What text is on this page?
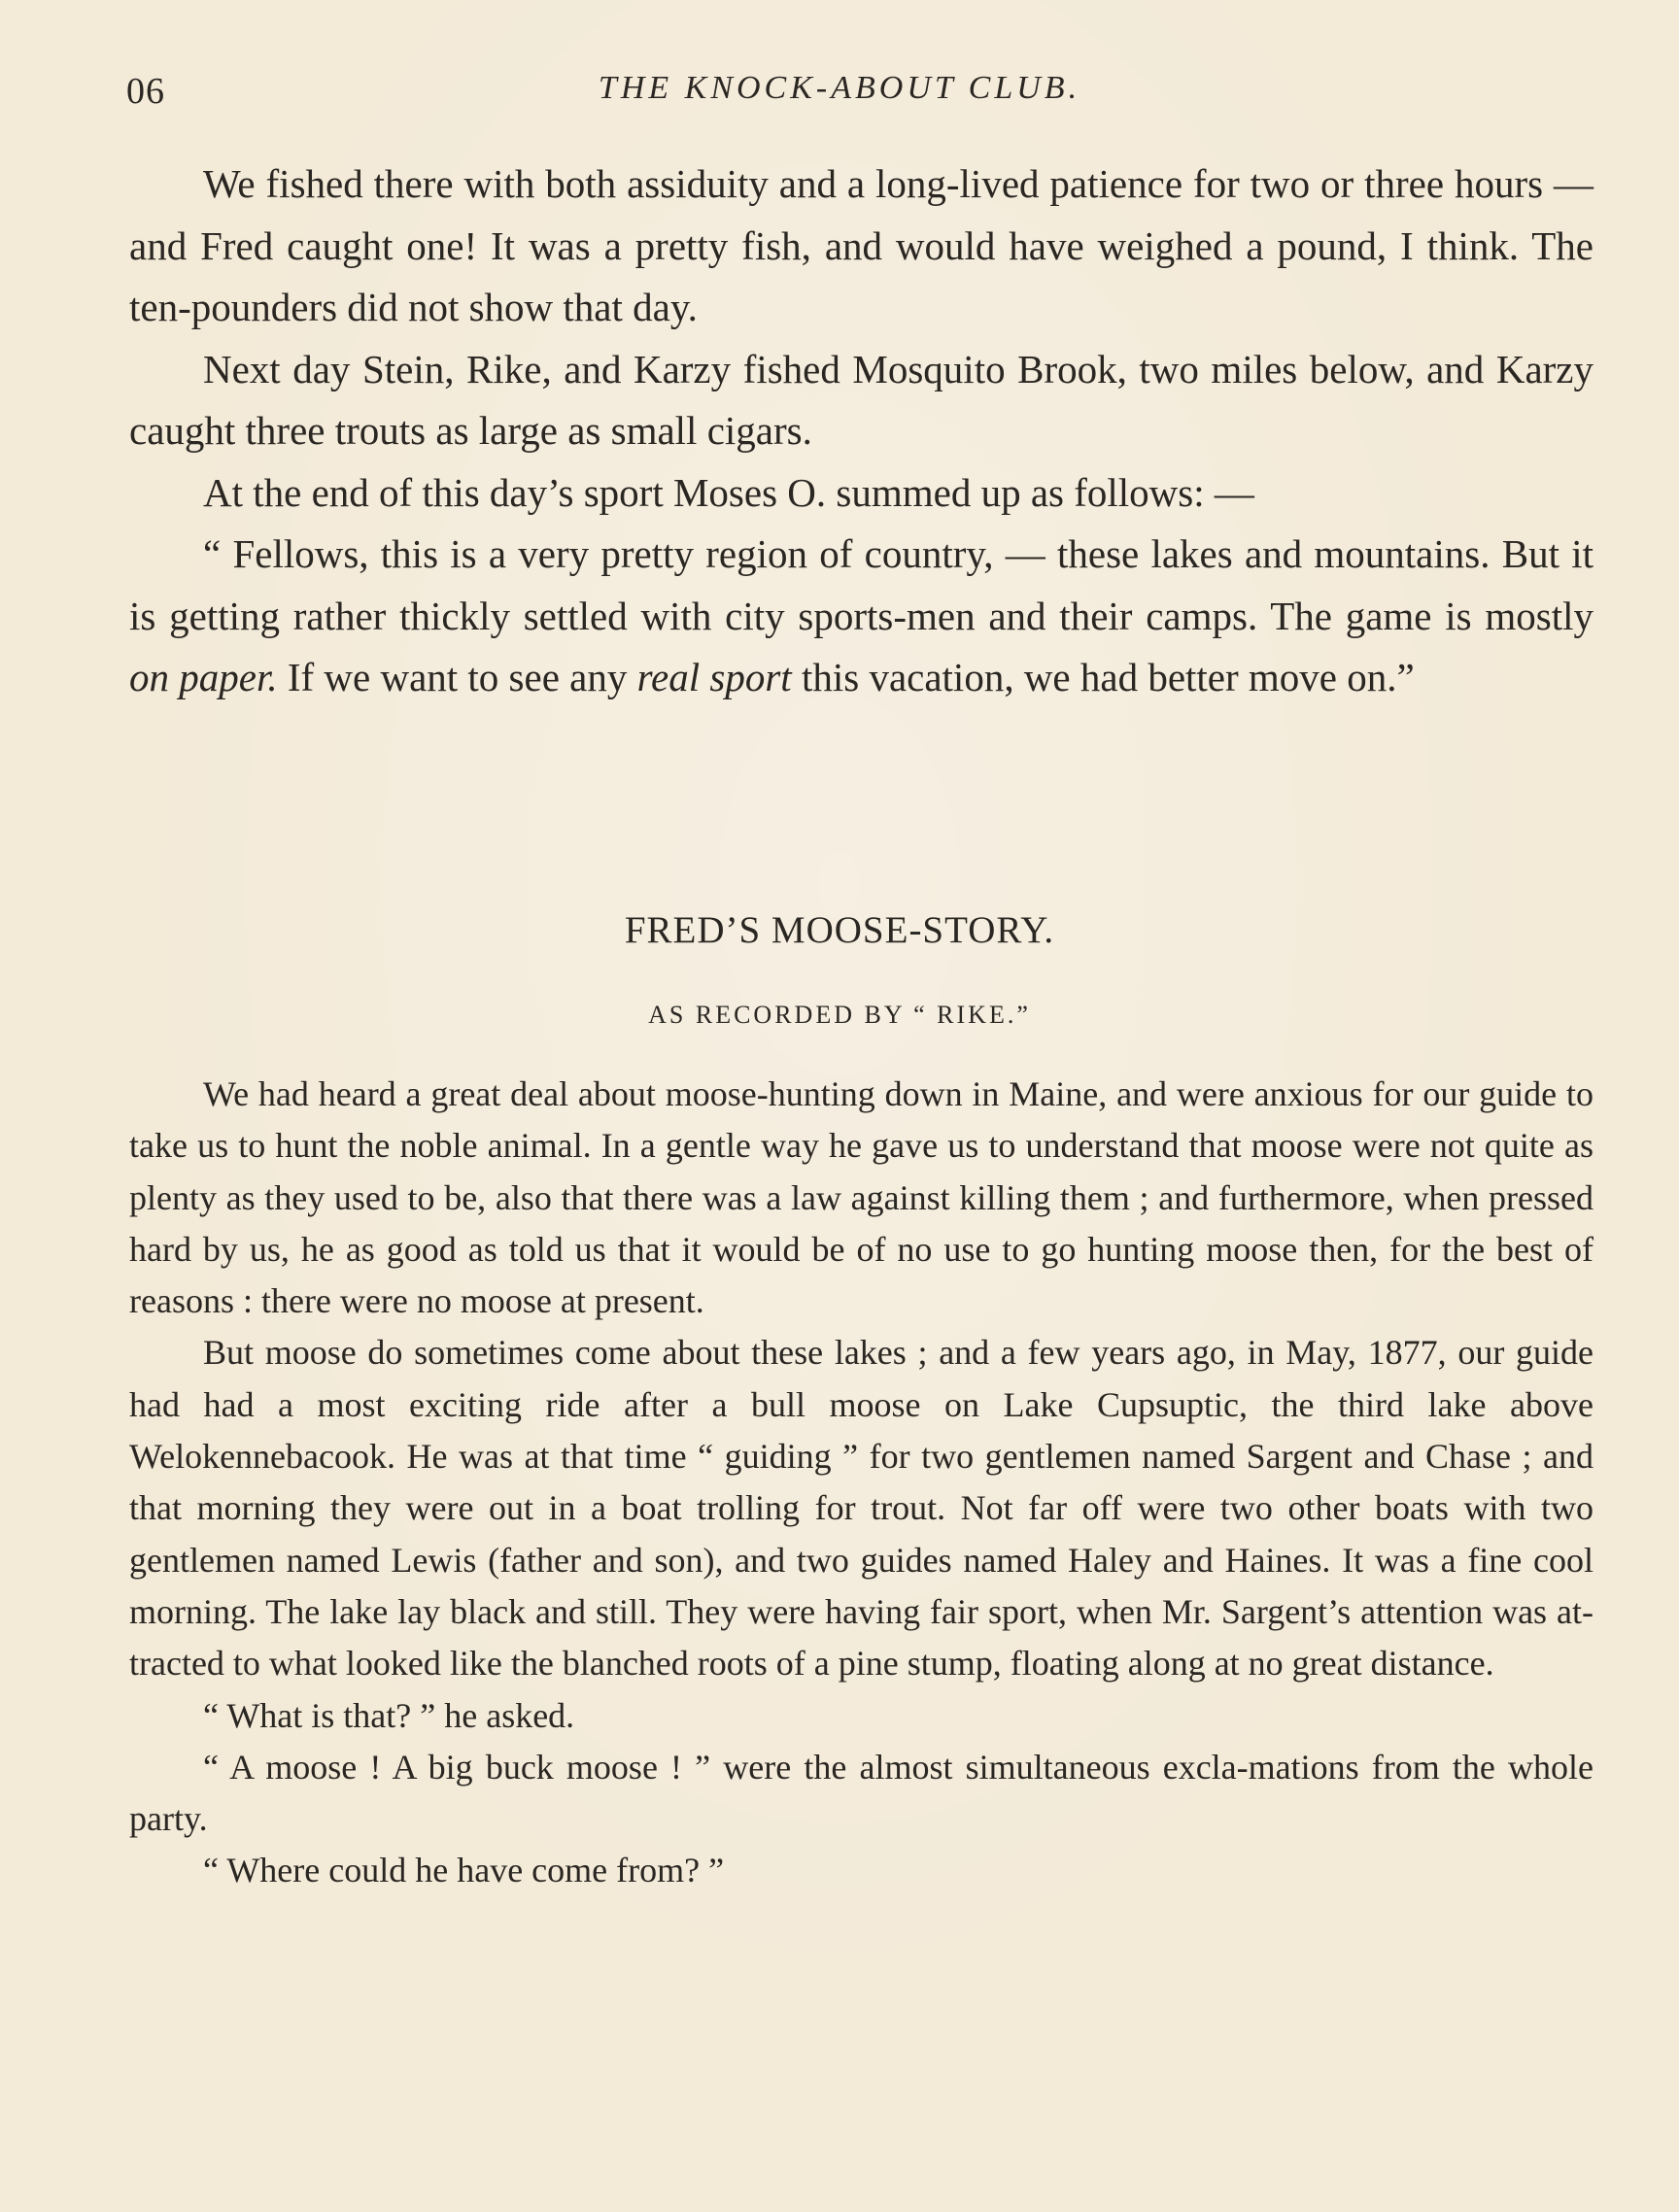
06	THE KNOCK-ABOUT CLUB.

We fished there with both assiduity and a long-lived patience for two or three hours —and Fred caught one! It was a pretty fish, and would have weighed a pound, I think. The ten-pounders did not show that day.

Next day Stein, Rike, and Karzy fished Mosquito Brook, two miles below, and Karzy caught three trouts as large as small cigars.

At the end of this day’s sport Moses O. summed up as follows: —

“ Fellows, this is a very pretty region of country, — these lakes and mountains. But it is getting rather thickly settled with city sports-men and their camps. The game is mostly on paper. If we want to see any real sport this vacation, we had better move on.”

FRED’S MOOSE-STORY.
AS RECORDED BY “ RIKE.”

We had heard a great deal about moose-hunting down in Maine, and were anxious for our guide to take us to hunt the noble animal. In a gentle way he gave us to understand that moose were not quite as plenty as they used to be, also that there was a law against killing them ; and furthermore, when pressed hard by us, he as good as told us that it would be of no use to go hunting moose then, for the best of reasons : there were no moose at present.

But moose do sometimes come about these lakes ; and a few years ago, in May, 1877, our guide had had a most exciting ride after a bull moose on Lake Cupsuptic, the third lake above Welokennebacook. He was at that time “ guiding ” for two gentlemen named Sargent and Chase ; and that morning they were out in a boat trolling for trout. Not far off were two other boats with two gentlemen named Lewis (father and son), and two guides named Haley and Haines. It was a fine cool morning. The lake lay black and still. They were having fair sport, when Mr. Sargent’s attention was at-tracted to what looked like the blanched roots of a pine stump, floating along at no great distance.

“ What is that? ” he asked.

“ A moose ! A big buck moose ! ” were the almost simultaneous excla-mations from the whole party.

“ Where could he have come from? ”
